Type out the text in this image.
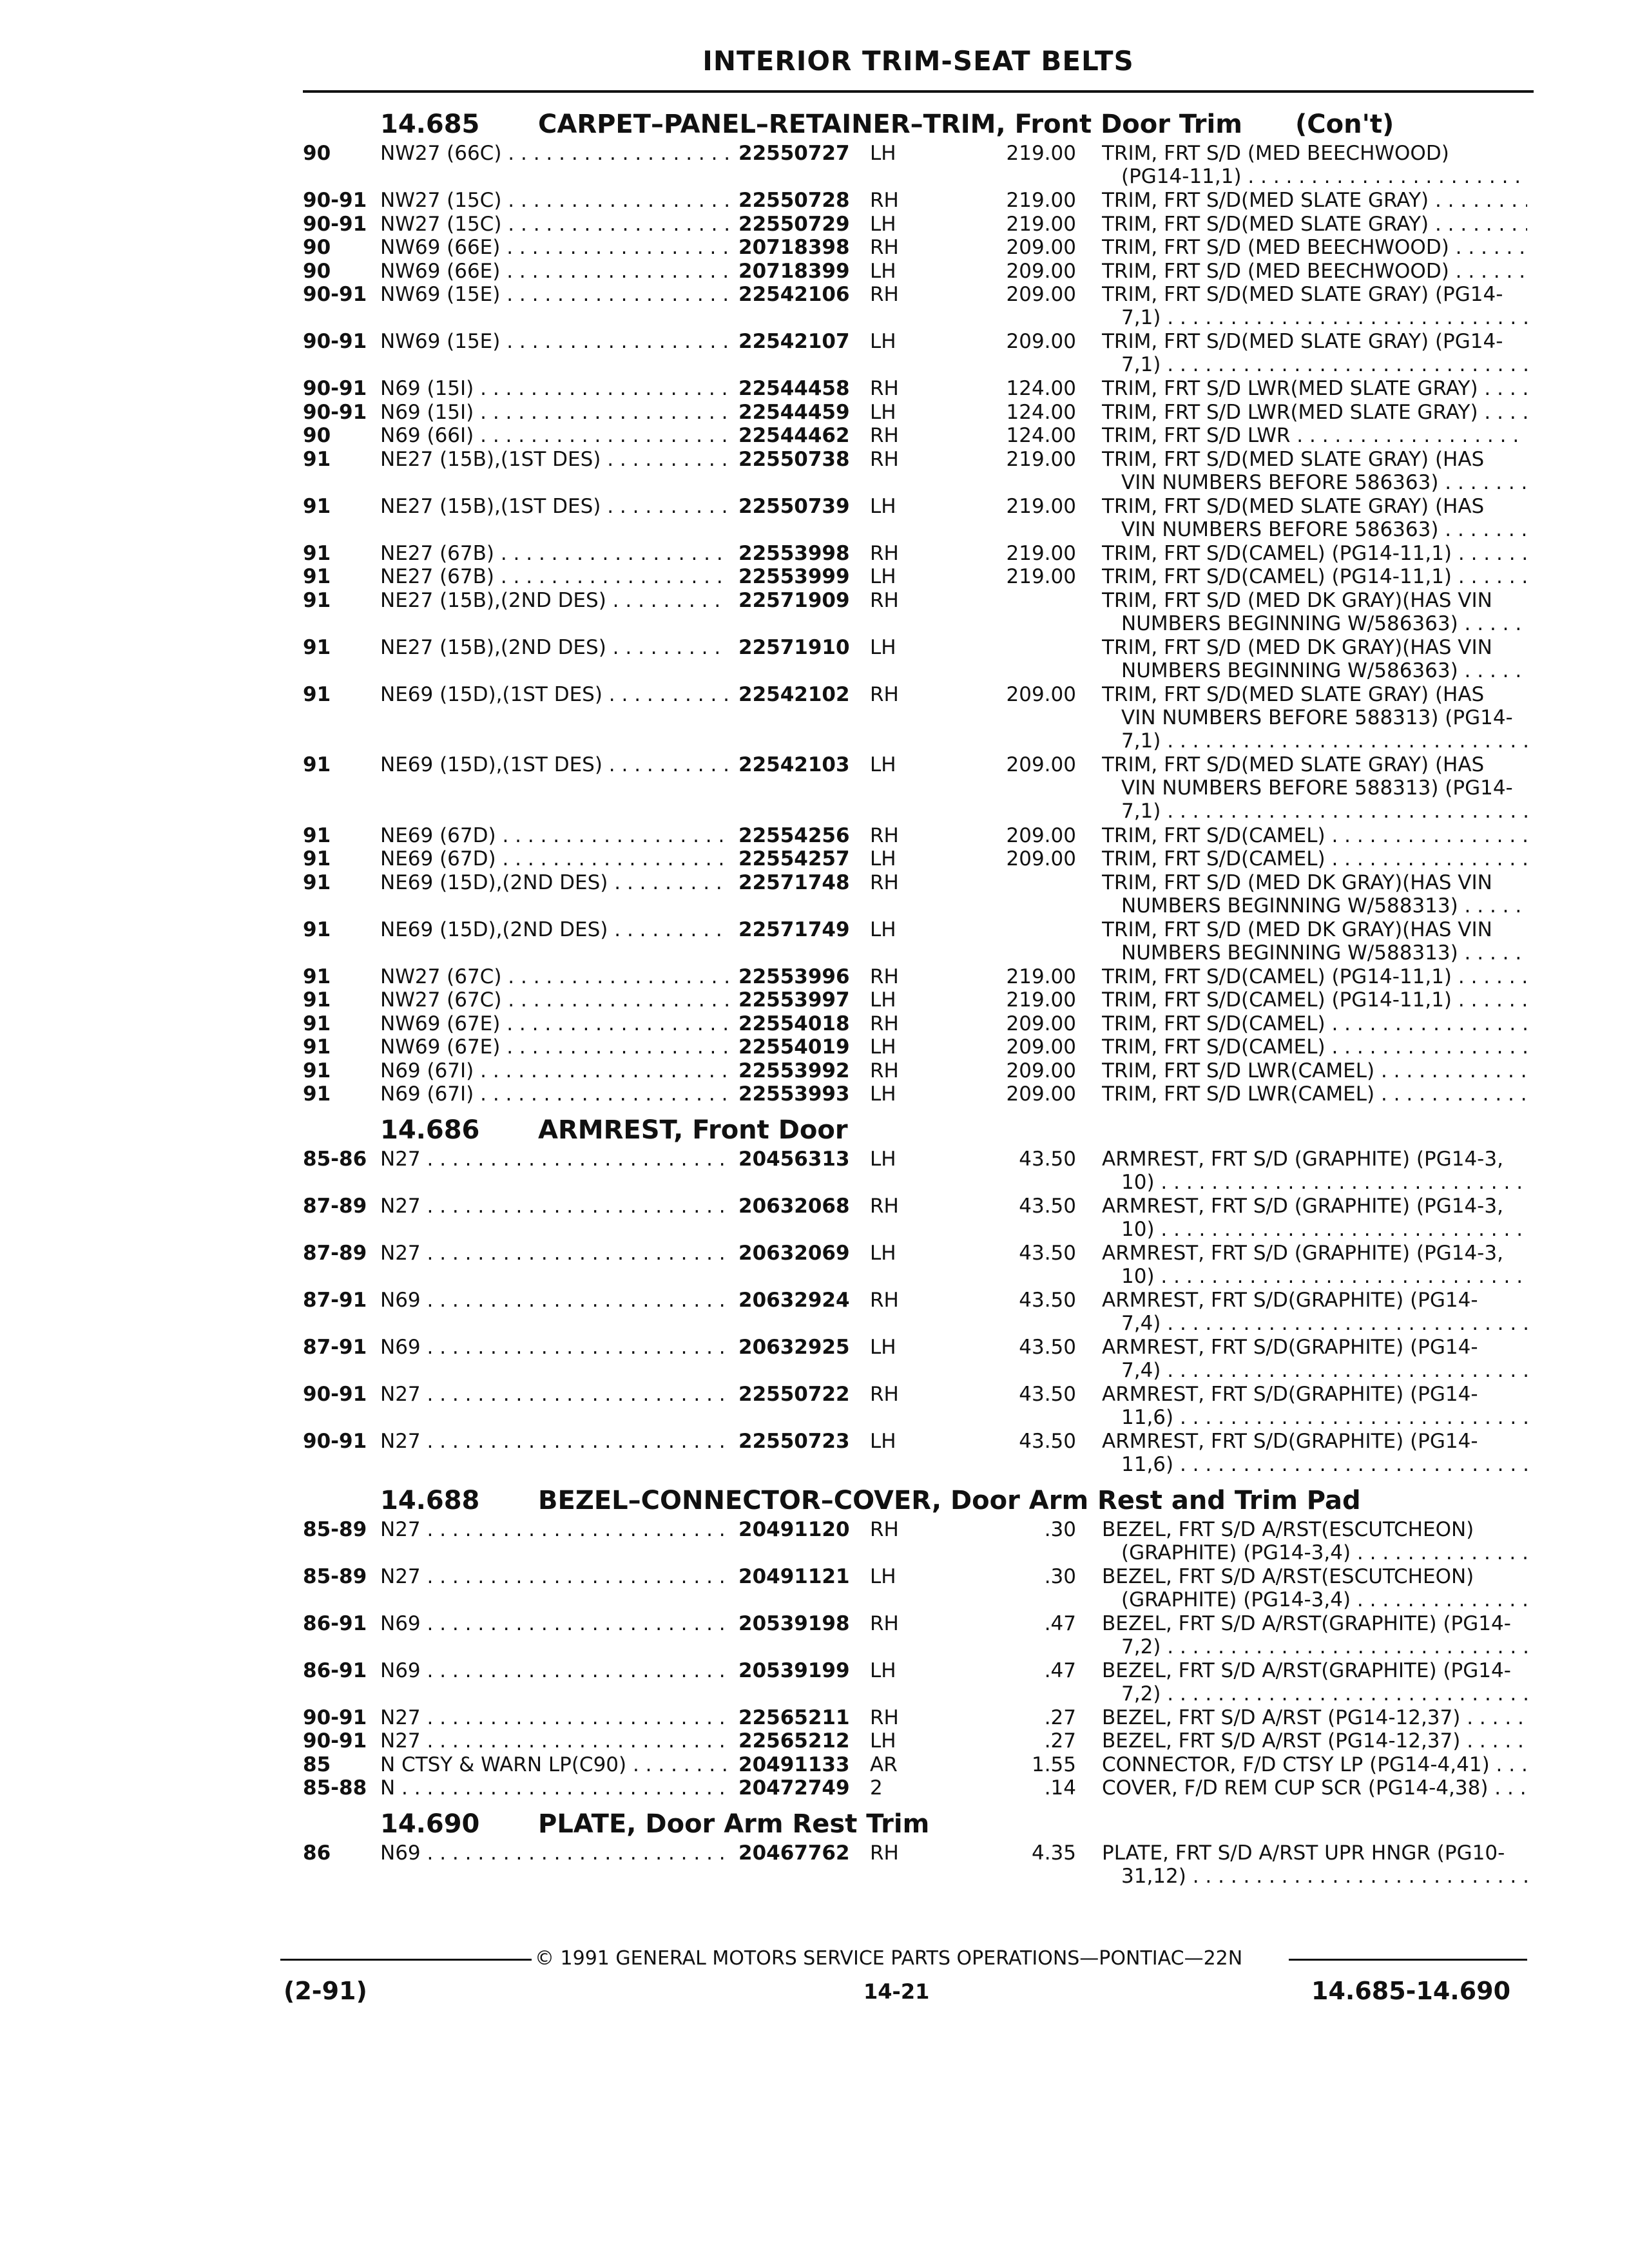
INTERIOR TRIM-SEAT BELTS
14.685 CARPET–PANEL–RETAINER–TRIM, Front Door Trim (Con't)
90 NW27 (66C) . . .	22550727 LH	219.00 TRIM, FRT S/D (MED BEECHWOOD)
(PG14-11,1) . . .
90-91 NW27 (15C) . . .	22550728 RH	219.00 TRIM, FRT S/D(MED SLATE GRAY) . . .
90-91 NW27 (15C) . . .	22550729 LH	219.00 TRIM, FRT S/D(MED SLATE GRAY) . . .
90 NW69 (66E) . . .	20718398 RH	209.00 TRIM, FRT S/D (MED BEECHWOOD) . . .
90 NW69 (66E) . . .	20718399 LH	209.00 TRIM, FRT S/D (MED BEECHWOOD) . . .
90-91 NW69 (15E) . . .	22542106 RH	209.00 TRIM, FRT S/D(MED SLATE GRAY) (PG14-
7,1) . . .
90-91 NW69 (15E) . . .	22542107 LH	209.00 TRIM, FRT S/D(MED SLATE GRAY) (PG14-
7,1) . . .
90-91 N69 (15I) . . .	22544458 RH	124.00 TRIM, FRT S/D LWR(MED SLATE GRAY) . . .
90-91 N69 (15I) . . .	22544459 LH	124.00 TRIM, FRT S/D LWR(MED SLATE GRAY) . . .
90 N69 (66I) . . .	22544462 RH	124.00 TRIM, FRT S/D LWR . . .
91 NE27 (15B),(1ST DES) . . .	22550738 RH	219.00 TRIM, FRT S/D(MED SLATE GRAY) (HAS
VIN NUMBERS BEFORE 586363) . . .
91 NE27 (15B),(1ST DES) . . .	22550739 LH	219.00 TRIM, FRT S/D(MED SLATE GRAY) (HAS
VIN NUMBERS BEFORE 586363) . . .
91 NE27 (67B) . . .	22553998 RH	219.00 TRIM, FRT S/D(CAMEL) (PG14-11,1) . . .
91 NE27 (67B) . . .	22553999 LH	219.00 TRIM, FRT S/D(CAMEL) (PG14-11,1) . . .
91 NE27 (15B),(2ND DES) . . .	22571909 RH	TRIM, FRT S/D (MED DK GRAY)(HAS VIN
NUMBERS BEGINNING W/586363) . . .
91 NE27 (15B),(2ND DES) . . .	22571910 LH	TRIM, FRT S/D (MED DK GRAY)(HAS VIN
NUMBERS BEGINNING W/586363) . . .
91 NE69 (15D),(1ST DES) . . .	22542102 RH	209.00 TRIM, FRT S/D(MED SLATE GRAY) (HAS
VIN NUMBERS BEFORE 588313) (PG14-
7,1) . . .
91 NE69 (15D),(1ST DES) . . .	22542103 LH	209.00 TRIM, FRT S/D(MED SLATE GRAY) (HAS
VIN NUMBERS BEFORE 588313) (PG14-
7,1) . . .
91 NE69 (67D) . . .	22554256 RH	209.00 TRIM, FRT S/D(CAMEL) . . .
91 NE69 (67D) . . .	22554257 LH	209.00 TRIM, FRT S/D(CAMEL) . . .
91 NE69 (15D),(2ND DES) . . .	22571748 RH	TRIM, FRT S/D (MED DK GRAY)(HAS VIN
NUMBERS BEGINNING W/588313) . . .
91 NE69 (15D),(2ND DES) . . .	22571749 LH	TRIM, FRT S/D (MED DK GRAY)(HAS VIN
NUMBERS BEGINNING W/588313) . . .
91 NW27 (67C) . . .	22553996 RH	219.00 TRIM, FRT S/D(CAMEL) (PG14-11,1) . . .
91 NW27 (67C) . . .	22553997 LH	219.00 TRIM, FRT S/D(CAMEL) (PG14-11,1) . . .
91 NW69 (67E) . . .	22554018 RH	209.00 TRIM, FRT S/D(CAMEL) . . .
91 NW69 (67E) . . .	22554019 LH	209.00 TRIM, FRT S/D(CAMEL) . . .
91 N69 (67I) . . .	22553992 RH	209.00 TRIM, FRT S/D LWR(CAMEL) . . .
91 N69 (67I) . . .	22553993 LH	209.00 TRIM, FRT S/D LWR(CAMEL) . . .
14.686 ARMREST, Front Door
85-86 N27 . . .	20456313 LH	43.50 ARMREST, FRT S/D (GRAPHITE) (PG14-3,
10) . . .
87-89 N27 . . .	20632068 RH	43.50 ARMREST, FRT S/D (GRAPHITE) (PG14-3,
10) . . .
87-89 N27 . . .	20632069 LH	43.50 ARMREST, FRT S/D (GRAPHITE) (PG14-3,
10) . . .
87-91 N69 . . .	20632924 RH	43.50 ARMREST, FRT S/D(GRAPHITE) (PG14-
7,4) . . .
87-91 N69 . . .	20632925 LH	43.50 ARMREST, FRT S/D(GRAPHITE) (PG14-
7,4) . . .
90-91 N27 . . .	22550722 RH	43.50 ARMREST, FRT S/D(GRAPHITE) (PG14-
11,6) . . .
90-91 N27 . . .	22550723 LH	43.50 ARMREST, FRT S/D(GRAPHITE) (PG14-
11,6) . . .
14.688 BEZEL–CONNECTOR–COVER, Door Arm Rest and Trim Pad
85-89 N27 . . .	20491120 RH	.30 BEZEL, FRT S/D A/RST(ESCUTCHEON)
(GRAPHITE) (PG14-3,4) . . .
85-89 N27 . . .	20491121 LH	.30 BEZEL, FRT S/D A/RST(ESCUTCHEON)
(GRAPHITE) (PG14-3,4) . . .
86-91 N69 . . .	20539198 RH	.47 BEZEL, FRT S/D A/RST(GRAPHITE) (PG14-
7,2) . . .
86-91 N69 . . .	20539199 LH	.47 BEZEL, FRT S/D A/RST(GRAPHITE) (PG14-
7,2) . . .
90-91 N27 . . .	22565211 RH	.27 BEZEL, FRT S/D A/RST (PG14-12,37) . . .
90-91 N27 . . .	22565212 LH	.27 BEZEL, FRT S/D A/RST (PG14-12,37) . . .
85 N CTSY & WARN LP(C90) . . .	20491133 AR	1.55 CONNECTOR, F/D CTSY LP (PG14-4,41) . . .
85-88 N . . .	20472749 2	.14 COVER, F/D REM CUP SCR (PG14-4,38) . . .
14.690 PLATE, Door Arm Rest Trim
86 N69 . . .	20467762 RH	4.35 PLATE, FRT S/D A/RST UPR HNGR (PG10-
31,12) . . .
© 1991 GENERAL MOTORS SERVICE PARTS OPERATIONS—PONTIAC—22N
(2-91)	14-21	14.685-14.690
